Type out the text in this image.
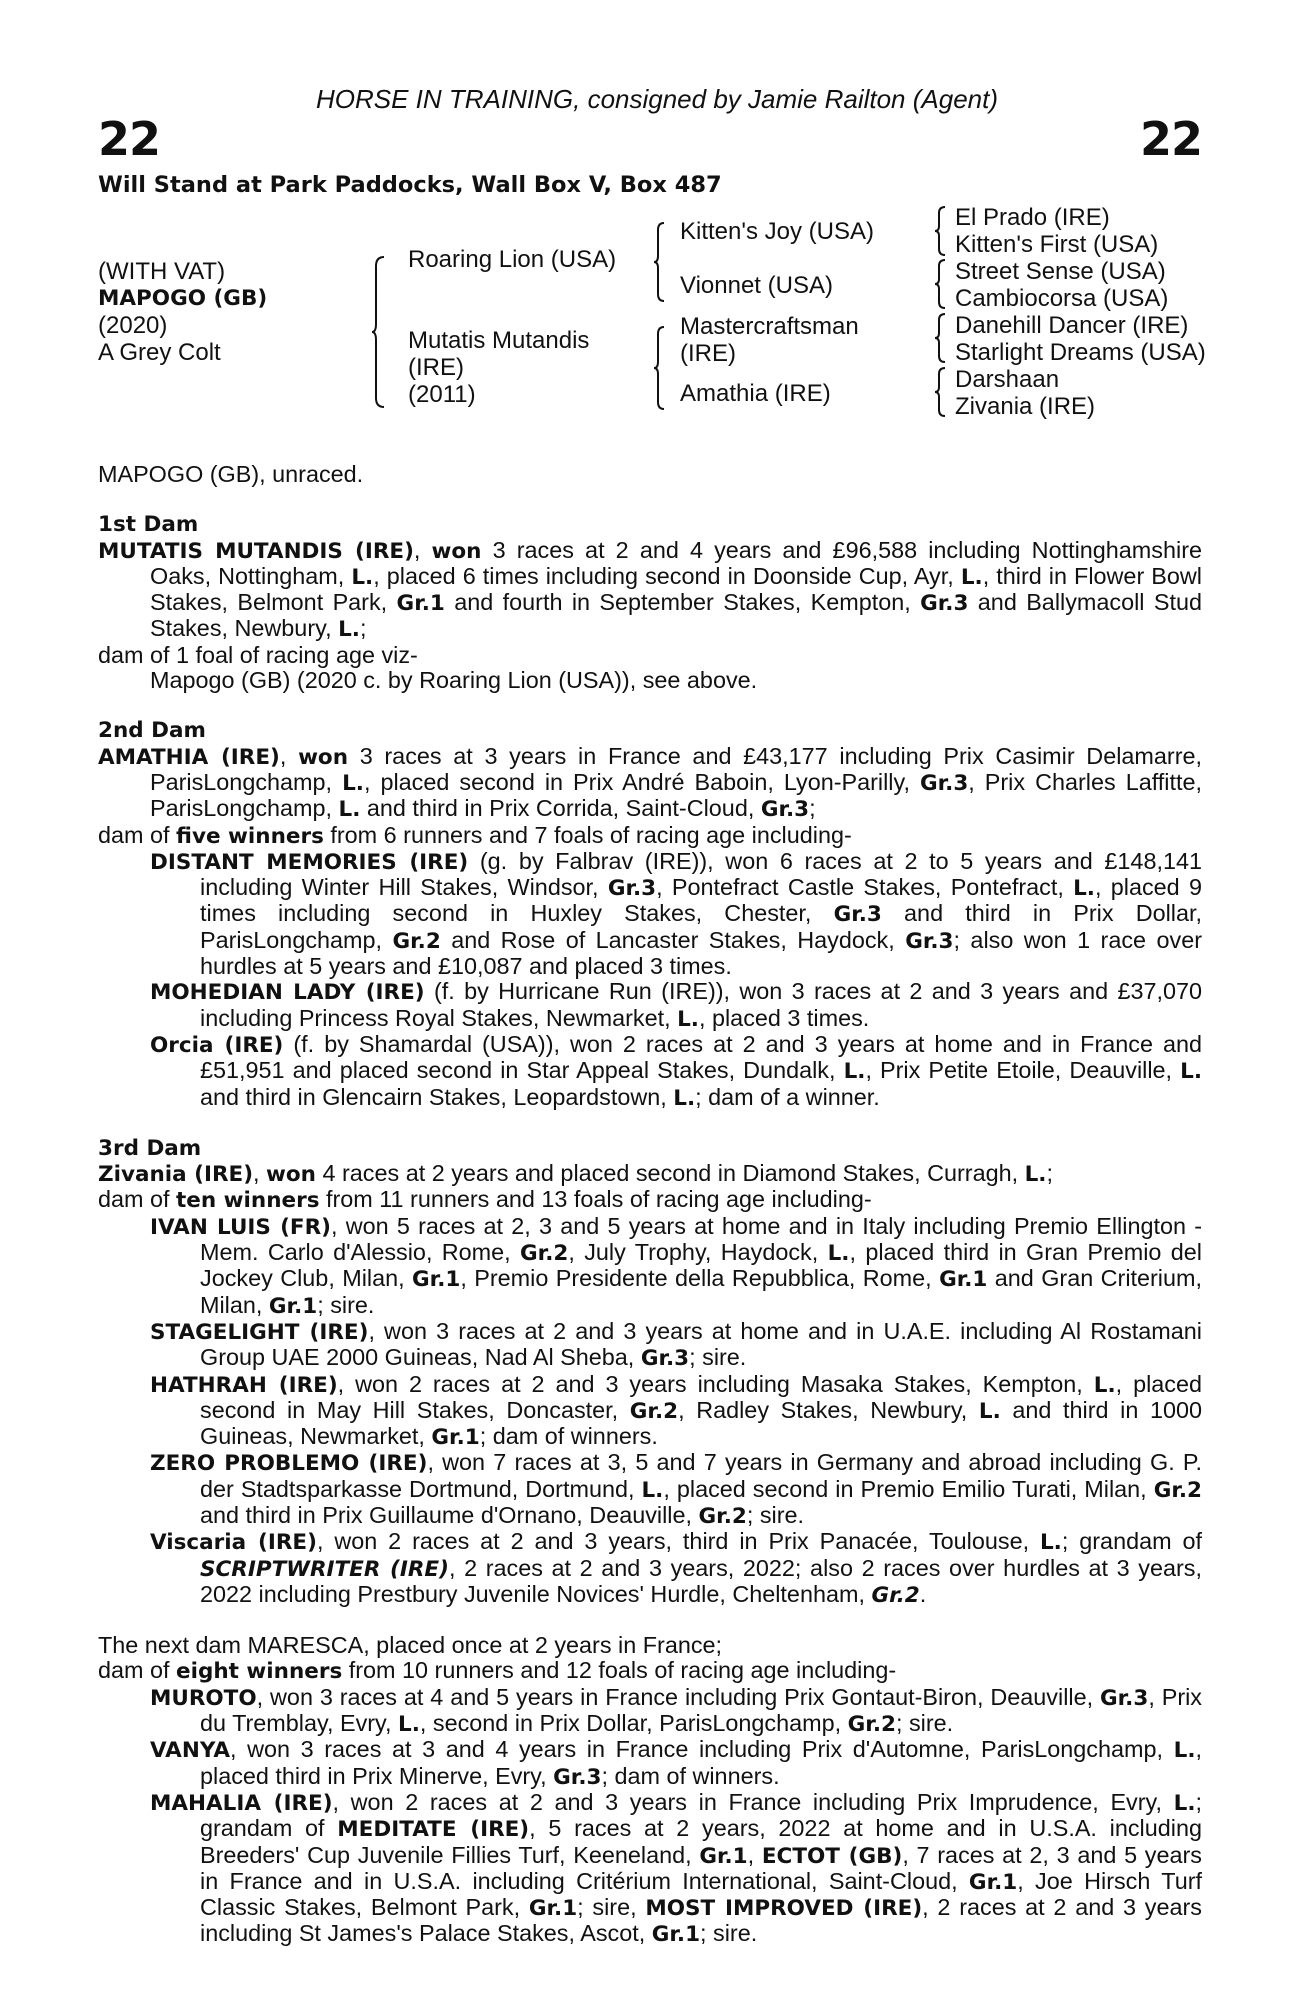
HORSE IN TRAINING, consigned by Jamie Railton (Agent)
22	22
Will Stand at Park Paddocks, Wall Box V, Box 487
(WITH VAT)
MAPOGO (GB)
(2020)
A Grey Colt
Roaring Lion (USA)
Mutatis Mutandis
(IRE)
(2011)
Kitten's Joy (USA)
Vionnet (USA)
Mastercraftsman
(IRE)
Amathia (IRE)
El Prado (IRE)
Kitten's First (USA)
Street Sense (USA)
Cambiocorsa (USA)
Danehill Dancer (IRE)
Starlight Dreams (USA)
Darshaan
Zivania (IRE)

MAPOGO (GB), unraced.

1st Dam

MUTATIS MUTANDIS (IRE), won 3 races at 2 and 4 years and £96,588 including Nottinghamshire Oaks, Nottingham, L., placed 6 times including second in Doonside Cup, Ayr, L., third in Flower Bowl Stakes, Belmont Park, Gr.1 and fourth in September Stakes, Kempton, Gr.3 and Ballymacoll Stud Stakes, Newbury, L.;

dam of 1 foal of racing age viz-

Mapogo (GB) (2020 c. by Roaring Lion (USA)), see above.

2nd Dam

AMATHIA (IRE), won 3 races at 3 years in France and £43,177 including Prix Casimir Delamarre, ParisLongchamp, L., placed second in Prix André Baboin, Lyon-Parilly, Gr.3, Prix Charles Laffitte, ParisLongchamp, L. and third in Prix Corrida, Saint-Cloud, Gr.3;

dam of five winners from 6 runners and 7 foals of racing age including-

DISTANT MEMORIES (IRE) (g. by Falbrav (IRE)), won 6 races at 2 to 5 years and £148,141 including Winter Hill Stakes, Windsor, Gr.3, Pontefract Castle Stakes, Pontefract, L., placed 9 times including second in Huxley Stakes, Chester, Gr.3 and third in Prix Dollar, ParisLongchamp, Gr.2 and Rose of Lancaster Stakes, Haydock, Gr.3; also won 1 race over hurdles at 5 years and £10,087 and placed 3 times.

MOHEDIAN LADY (IRE) (f. by Hurricane Run (IRE)), won 3 races at 2 and 3 years and £37,070 including Princess Royal Stakes, Newmarket, L., placed 3 times.

Orcia (IRE) (f. by Shamardal (USA)), won 2 races at 2 and 3 years at home and in France and £51,951 and placed second in Star Appeal Stakes, Dundalk, L., Prix Petite Etoile, Deauville, L. and third in Glencairn Stakes, Leopardstown, L.; dam of a winner.

3rd Dam

Zivania (IRE), won 4 races at 2 years and placed second in Diamond Stakes, Curragh, L.;

dam of ten winners from 11 runners and 13 foals of racing age including-

IVAN LUIS (FR), won 5 races at 2, 3 and 5 years at home and in Italy including Premio Ellington - Mem. Carlo d'Alessio, Rome, Gr.2, July Trophy, Haydock, L., placed third in Gran Premio del Jockey Club, Milan, Gr.1, Premio Presidente della Repubblica, Rome, Gr.1 and Gran Criterium, Milan, Gr.1; sire.

STAGELIGHT (IRE), won 3 races at 2 and 3 years at home and in U.A.E. including Al Rostamani Group UAE 2000 Guineas, Nad Al Sheba, Gr.3; sire.

HATHRAH (IRE), won 2 races at 2 and 3 years including Masaka Stakes, Kempton, L., placed second in May Hill Stakes, Doncaster, Gr.2, Radley Stakes, Newbury, L. and third in 1000 Guineas, Newmarket, Gr.1; dam of winners.

ZERO PROBLEMO (IRE), won 7 races at 3, 5 and 7 years in Germany and abroad including G. P. der Stadtsparkasse Dortmund, Dortmund, L., placed second in Premio Emilio Turati, Milan, Gr.2 and third in Prix Guillaume d'Ornano, Deauville, Gr.2; sire.

Viscaria (IRE), won 2 races at 2 and 3 years, third in Prix Panacée, Toulouse, L.; grandam of SCRIPTWRITER (IRE), 2 races at 2 and 3 years, 2022; also 2 races over hurdles at 3 years, 2022 including Prestbury Juvenile Novices' Hurdle, Cheltenham, Gr.2.

The next dam MARESCA, placed once at 2 years in France;

dam of eight winners from 10 runners and 12 foals of racing age including-

MUROTO, won 3 races at 4 and 5 years in France including Prix Gontaut-Biron, Deauville, Gr.3, Prix du Tremblay, Evry, L., second in Prix Dollar, ParisLongchamp, Gr.2; sire.

VANYA, won 3 races at 3 and 4 years in France including Prix d'Automne, ParisLongchamp, L., placed third in Prix Minerve, Evry, Gr.3; dam of winners.

MAHALIA (IRE), won 2 races at 2 and 3 years in France including Prix Imprudence, Evry, L.; grandam of MEDITATE (IRE), 5 races at 2 years, 2022 at home and in U.S.A. including Breeders' Cup Juvenile Fillies Turf, Keeneland, Gr.1, ECTOT (GB), 7 races at 2, 3 and 5 years in France and in U.S.A. including Critérium International, Saint-Cloud, Gr.1, Joe Hirsch Turf Classic Stakes, Belmont Park, Gr.1; sire, MOST IMPROVED (IRE), 2 races at 2 and 3 years including St James's Palace Stakes, Ascot, Gr.1; sire.
